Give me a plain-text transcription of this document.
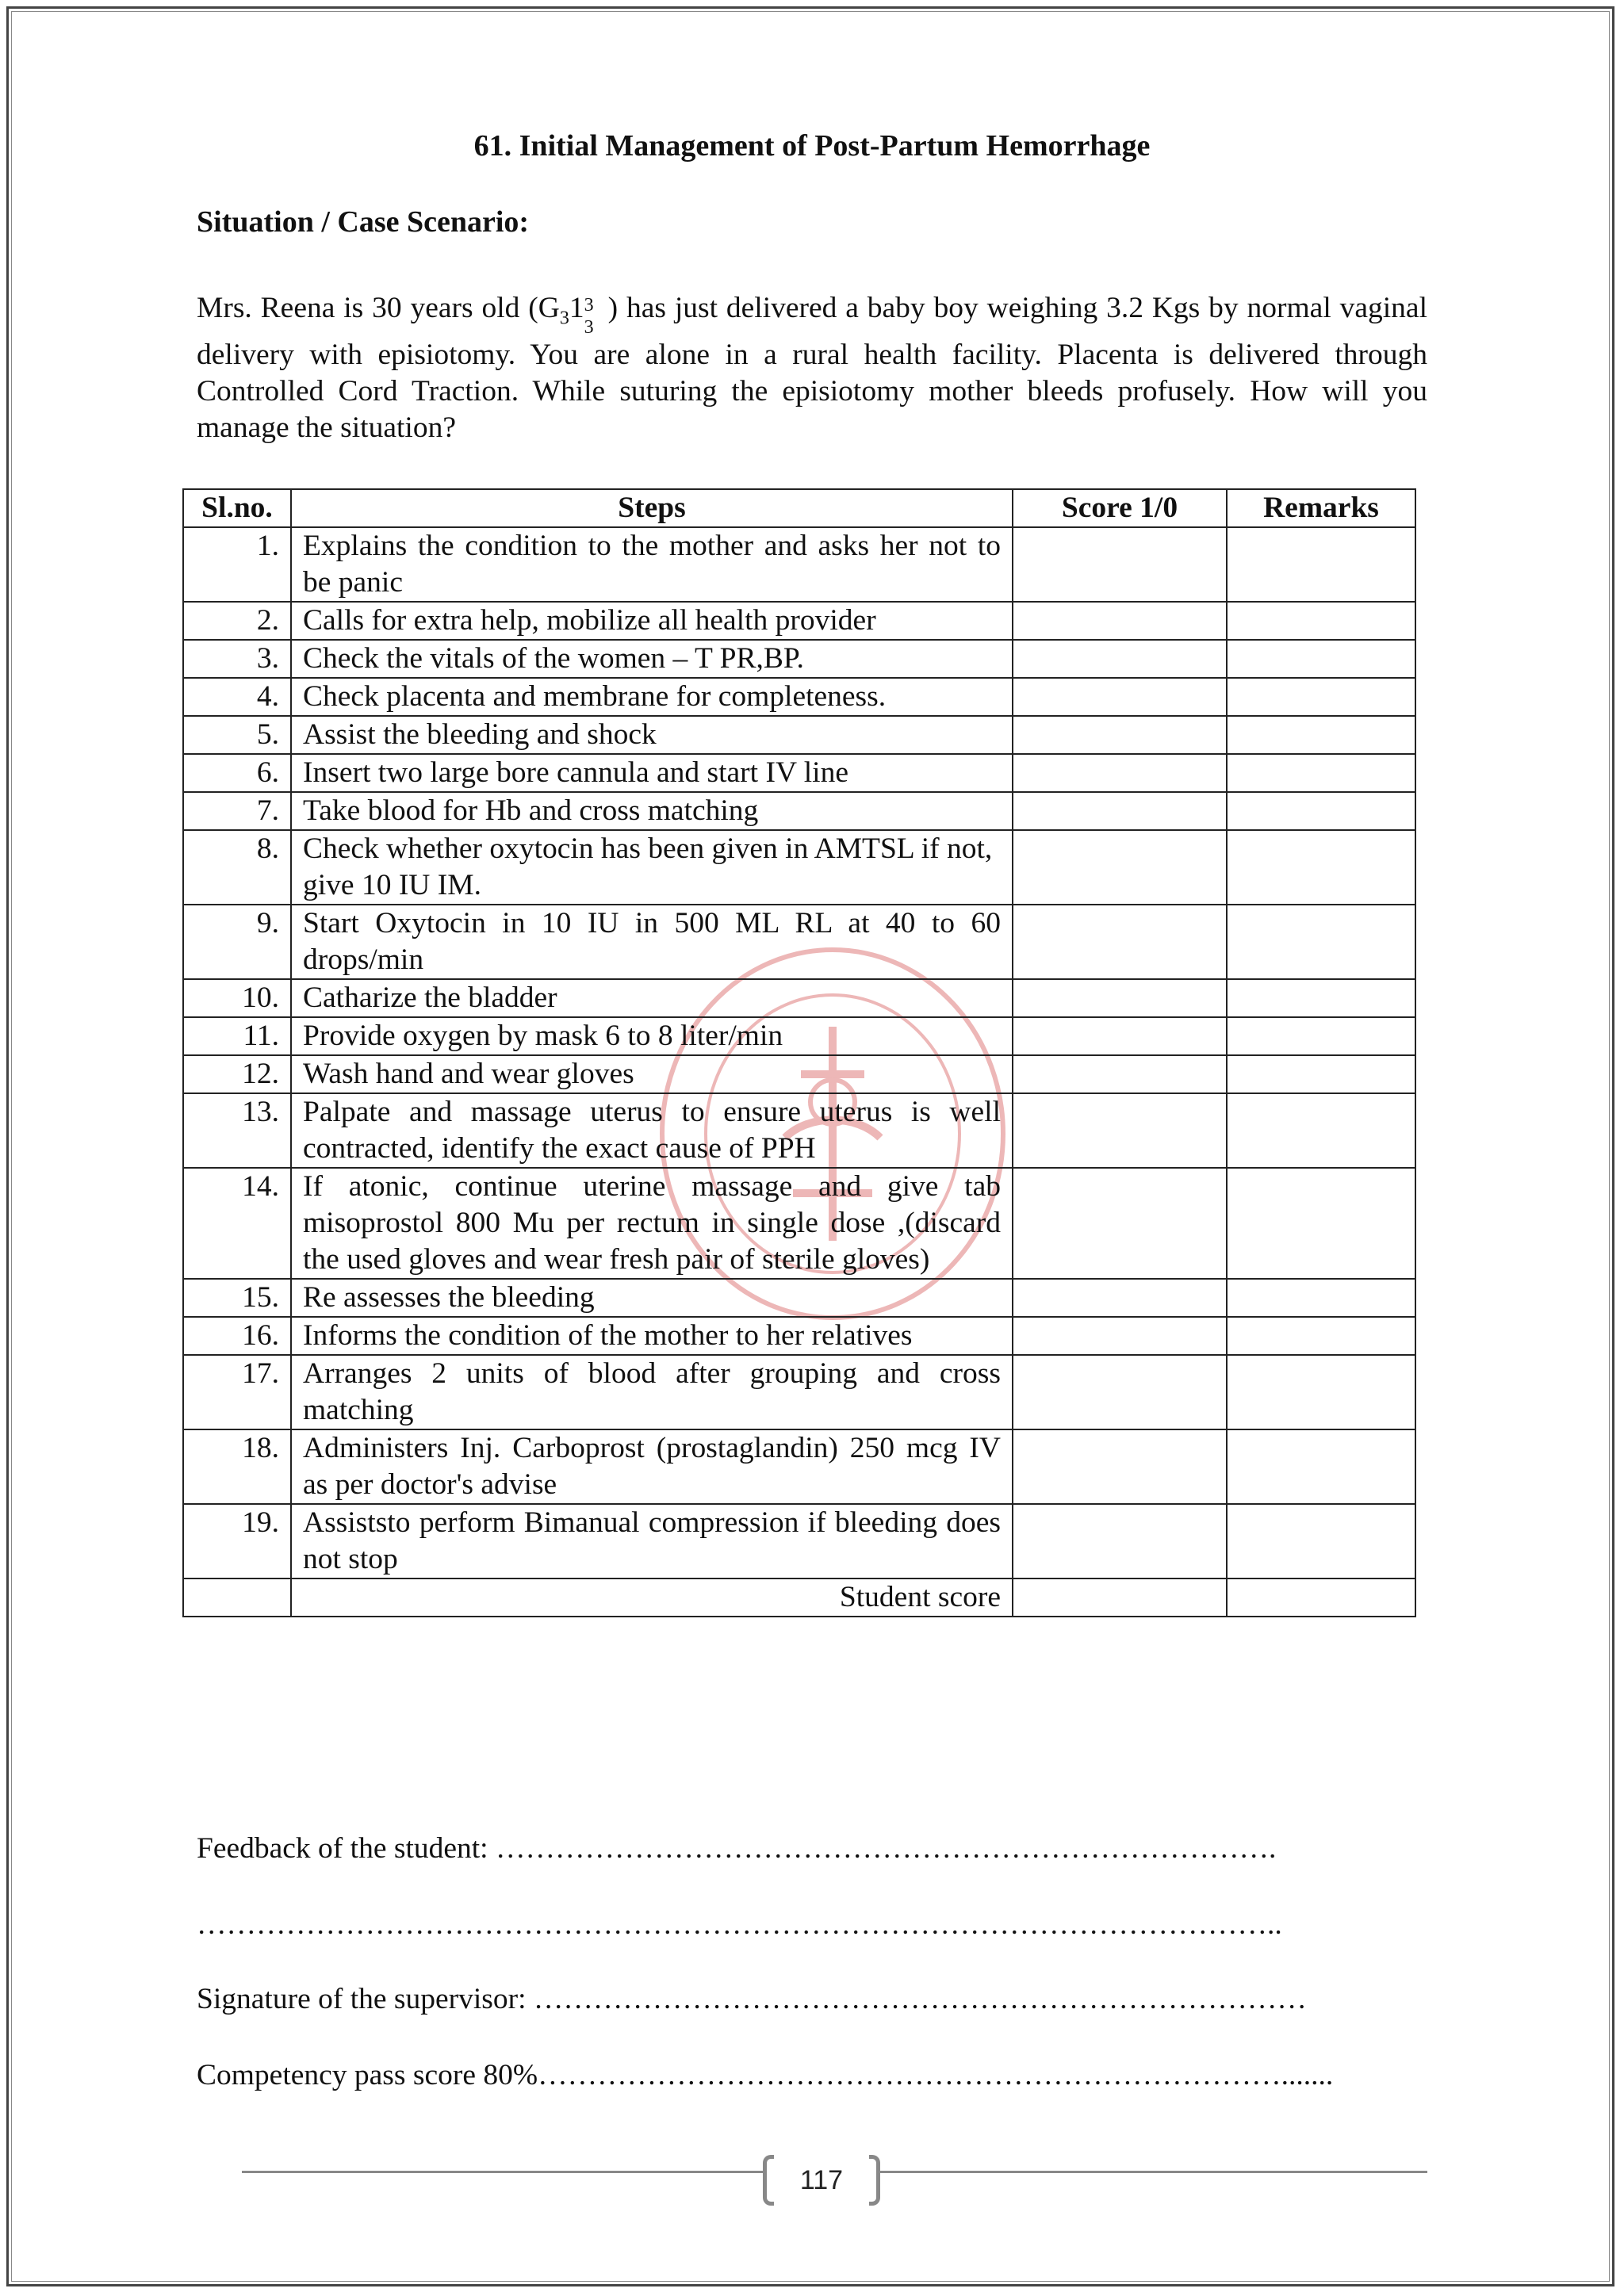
61. Initial Management of Post-Partum Hemorrhage
Situation / Case Scenario:
Mrs. Reena is 30 years old ($G_31$ 3
3
) has just delivered a baby boy weighing 3.2 Kgs by normal vaginal delivery with episiotomy. You are alone in a rural health facility. Placenta is delivered through Controlled Cord Traction. While suturing the episiotomy mother bleeds profusely. How will you manage the situation?
Sl.no.	Steps	Score 1/0	Remarks
1.	Explains the condition to the mother and asks her not to be panic		
2.	Calls for extra help, mobilize all health provider		
3.	Check the vitals of the women – T PR,BP.		
4.	Check placenta and membrane for completeness.		
5.	Assist the bleeding and shock		
6.	Insert two large bore cannula and start IV line		
7.	Take blood for Hb and cross matching		
8.	Check whether oxytocin has been given in AMTSL if not, give 10 IU IM.		
9.	Start Oxytocin in 10 IU in 500 ML RL at 40 to 60 drops/min		
10.	Catharize the bladder		
11.	Provide oxygen by mask 6 to 8 liter/min		
12.	Wash hand and wear gloves		
13.	Palpate and massage uterus to ensure uterus is well contracted, identify the exact cause of PPH		
14.	If atonic, continue uterine massage and give tab misoprostol 800 Mu per rectum in single dose ,(discard the used gloves and wear fresh pair of sterile gloves)		
15.	Re assesses the bleeding		
16.	Informs the condition of the mother to her relatives		
17.	Arranges 2 units of blood after grouping and cross matching		
18.	Administers Inj. Carboprost (prostaglandin) 250 mcg IV as per doctor's advise		
19.	Assiststo perform Bimanual compression if bleeding does not stop		
	Student score		
Feedback of the student: …………………………………………………………………….
………………………………………………………………………………………………..
Signature of the supervisor: ……………………………………………………………………
Competency pass score 80%………………………………………………………………….......
117
